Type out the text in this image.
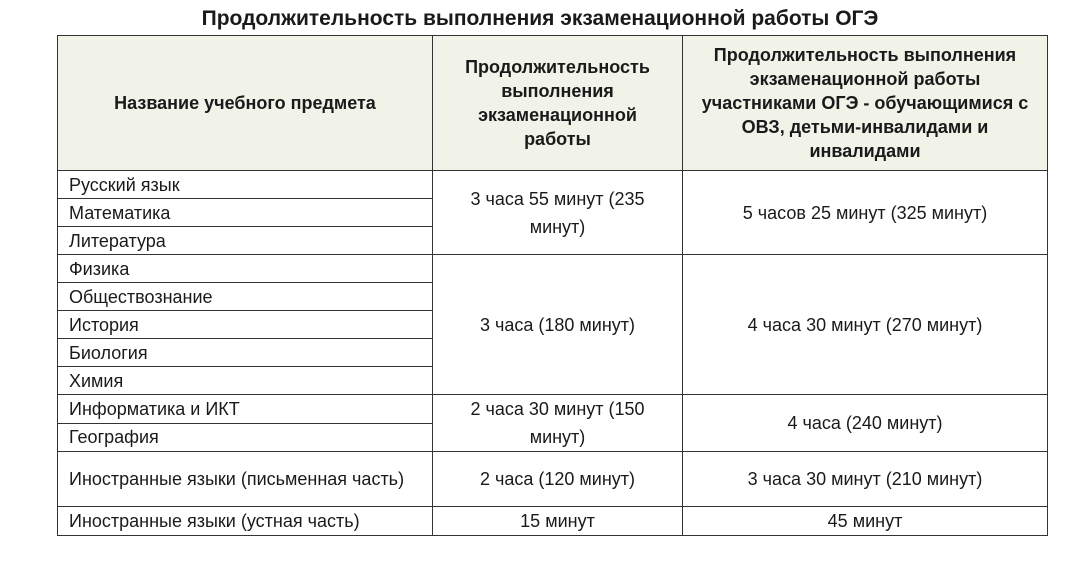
Продолжительность выполнения экзаменационной работы ОГЭ
Название учебного предмета	Продолжительность выполнения экзаменационной работы	Продолжительность выполнения экзаменационной работы участниками ОГЭ - обучающимися с ОВЗ, детьми-инвалидами и инвалидами
Русский язык	3 часа 55 минут (235 минут)	5 часов 25 минут (325 минут)
Математика		
Литература		
Физика	3 часа (180 минут)	4 часа 30 минут (270 минут)
Обществознание		
История		
Биология		
Химия		
Информатика и ИКТ	2 часа 30 минут (150 минут)	4 часа (240 минут)
География		
Иностранные языки (письменная часть)	2 часа (120 минут)	3 часа 30 минут (210 минут)
Иностранные языки (устная часть)	15 минут	45 минут
